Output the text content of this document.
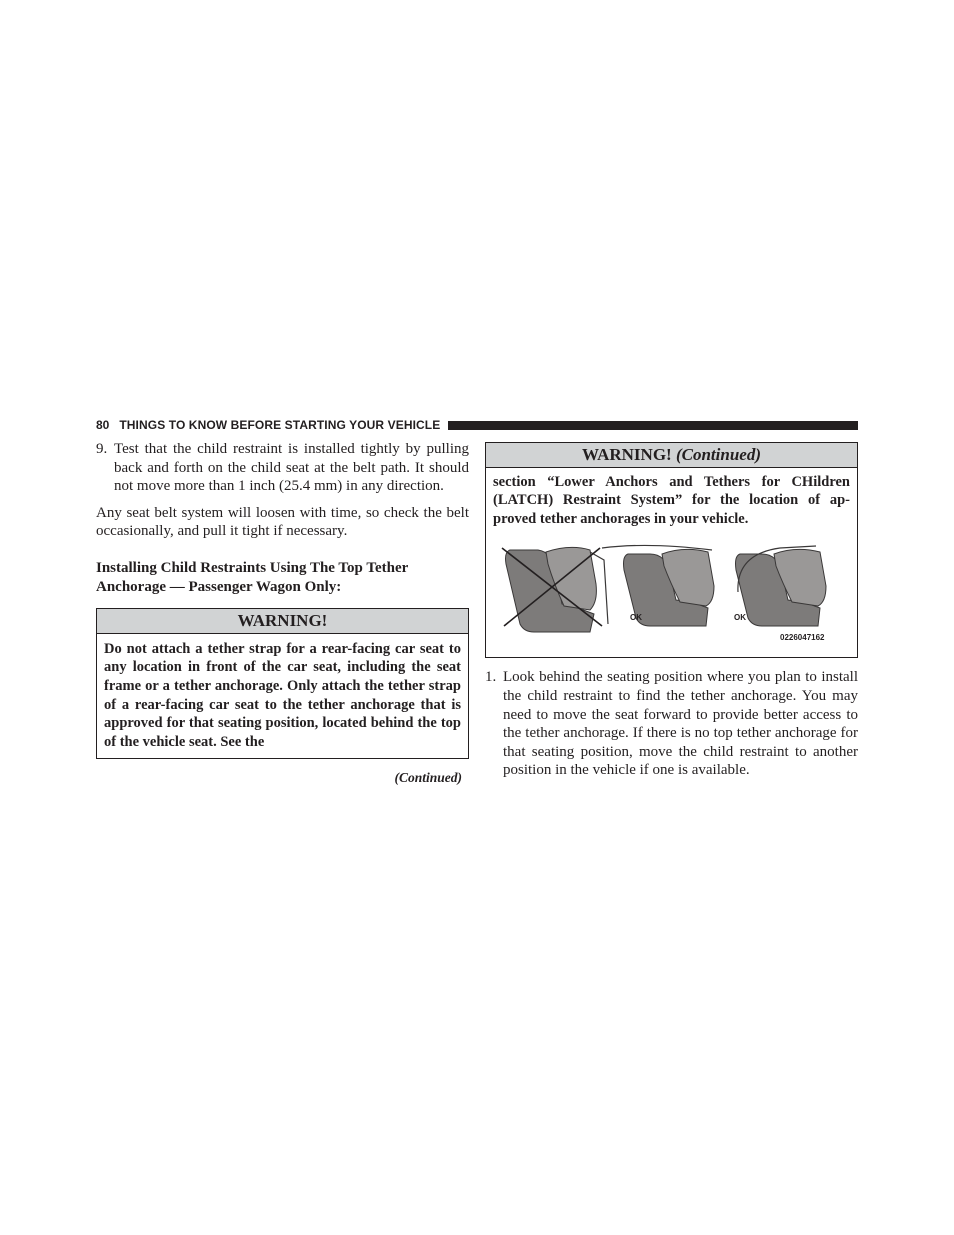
80 THINGS TO KNOW BEFORE STARTING YOUR VEHICLE
9. Test that the child restraint is installed tightly by pulling back and forth on the child seat at the belt path. It should not move more than 1 inch (25.4 mm) in any direction.

Any seat belt system will loosen with time, so check the belt occasionally, and pull it tight if necessary.

Installing Child Restraints Using The Top Tether Anchorage — Passenger Wagon Only:

WARNING!
Do not attach a tether strap for a rear-facing car seat to any location in front of the car seat, including the seat frame or a tether anchorage. Only attach the tether strap of a rear-facing car seat to the tether anchorage that is approved for that seating position, located behind the top of the vehicle seat. See the
(Continued)
WARNING! (Continued)
section “Lower Anchors and Tethers for CHildren (LATCH) Restraint System” for the location of ap-proved tether anchorages in your vehicle.
OK	OK
0226047162
1. Look behind the seating position where you plan to install the child restraint to find the tether anchorage. You may need to move the seat forward to provide better access to the tether anchorage. If there is no top tether anchorage for that seating position, move the child restraint to another position in the vehicle if one is available.
